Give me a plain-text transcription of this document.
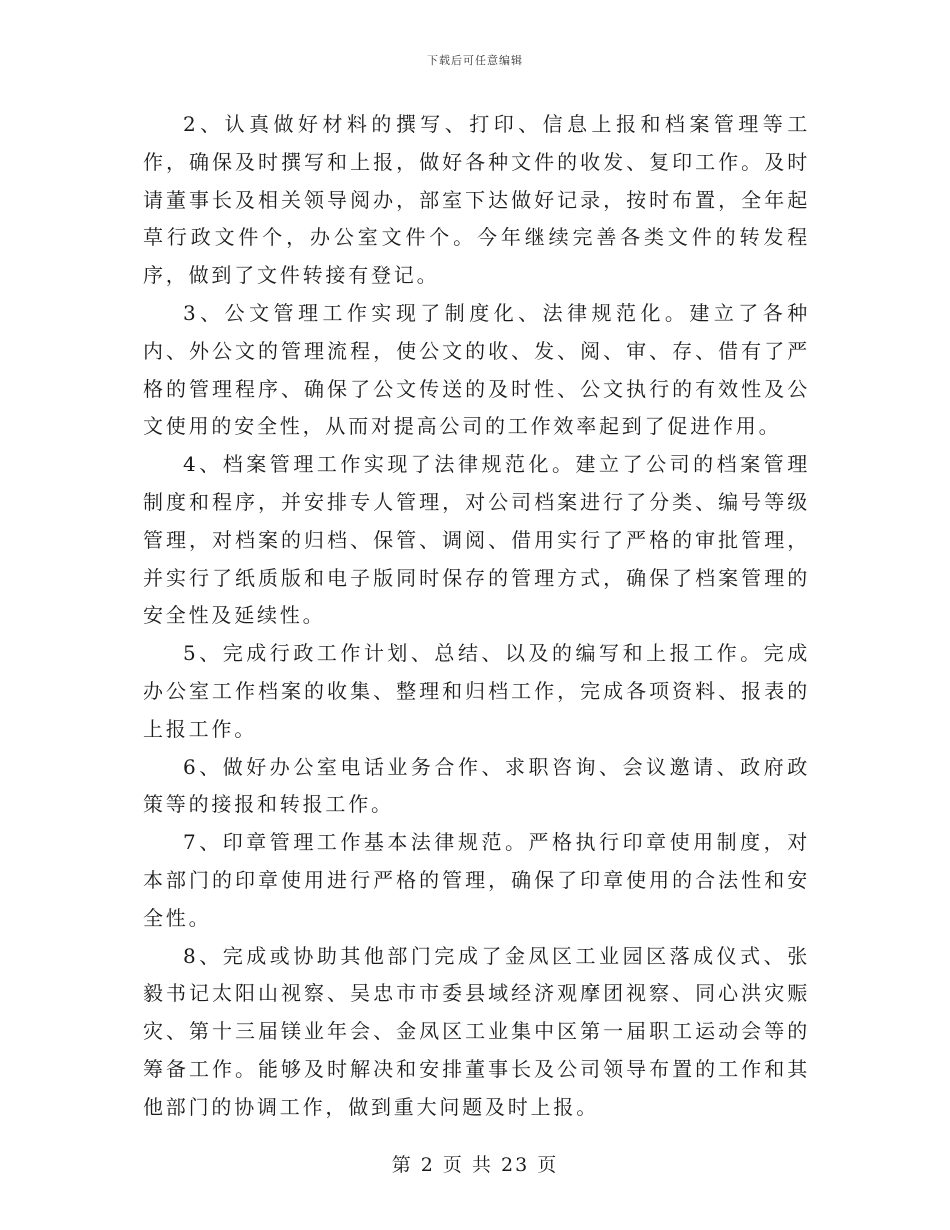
下载后可任意编辑

2、认真做好材料的撰写、打印、信息上报和档案管理等工作，确保及时撰写和上报，做好各种文件的收发、复印工作。及时请董事长及相关领导阅办，部室下达做好记录，按时布置，全年起草行政文件个，办公室文件个。今年继续完善各类文件的转发程序，做到了文件转接有登记。

3、公文管理工作实现了制度化、法律规范化。建立了各种内、外公文的管理流程，使公文的收、发、阅、审、存、借有了严格的管理程序、确保了公文传送的及时性、公文执行的有效性及公文使用的安全性，从而对提高公司的工作效率起到了促进作用。

4、档案管理工作实现了法律规范化。建立了公司的档案管理制度和程序，并安排专人管理，对公司档案进行了分类、编号等级管理，对档案的归档、保管、调阅、借用实行了严格的审批管理，并实行了纸质版和电子版同时保存的管理方式，确保了档案管理的安全性及延续性。

5、完成行政工作计划、总结、以及的编写和上报工作。完成办公室工作档案的收集、整理和归档工作，完成各项资料、报表的上报工作。

6、做好办公室电话业务合作、求职咨询、会议邀请、政府政策等的接报和转报工作。

7、印章管理工作基本法律规范。严格执行印章使用制度，对本部门的印章使用进行严格的管理，确保了印章使用的合法性和安全性。

8、完成或协助其他部门完成了金凤区工业园区落成仪式、张毅书记太阳山视察、吴忠市市委县域经济观摩团视察、同心洪灾赈灾、第十三届镁业年会、金凤区工业集中区第一届职工运动会等的筹备工作。能够及时解决和安排董事长及公司领导布置的工作和其他部门的协调工作，做到重大问题及时上报。

第 2 页 共 23 页
